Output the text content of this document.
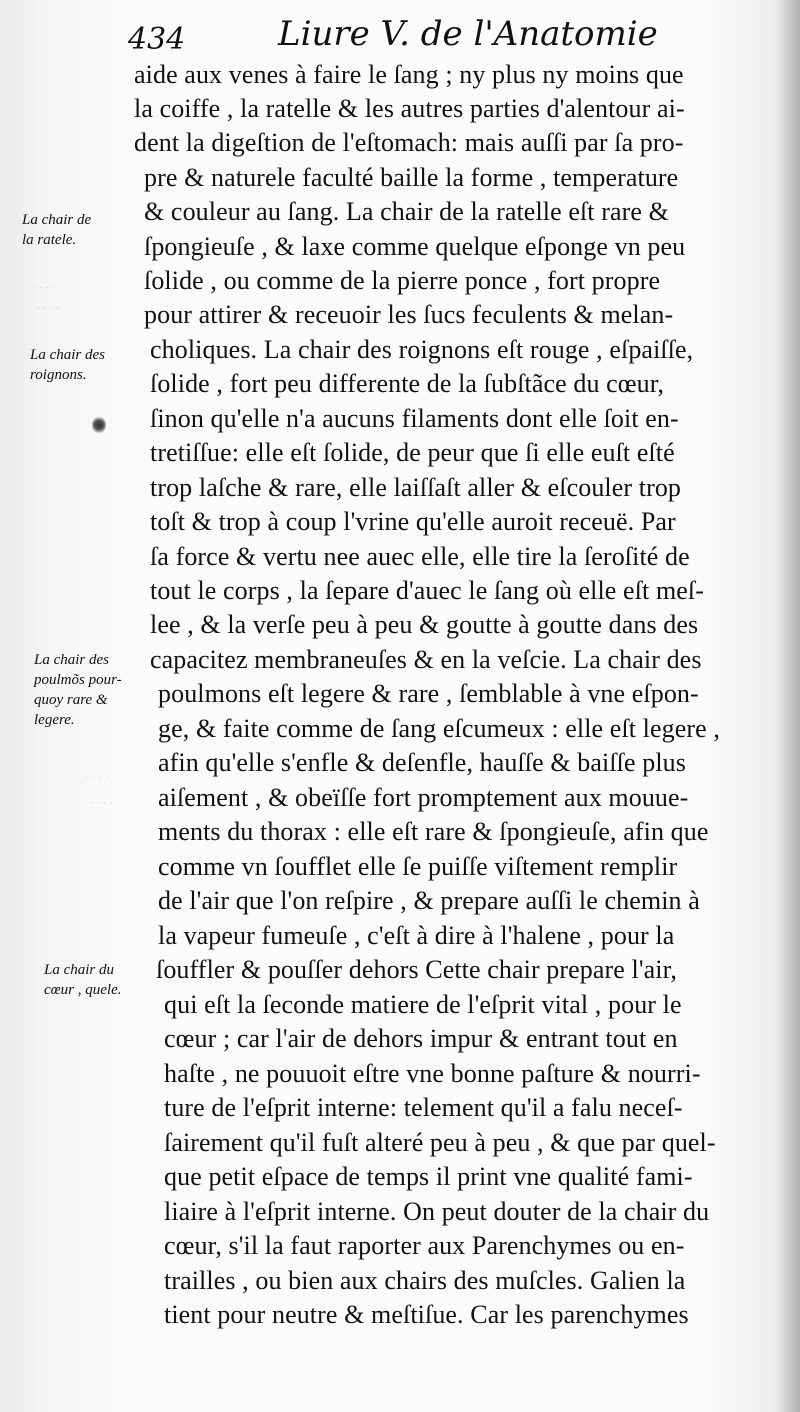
434	Liure V. de l'Anatomie
aide aux venes à faire le ſang ; ny plus ny moins que
la coiffe , la ratelle & les autres parties d'alentour ai-
dent la digeſtion de l'eſtomach: mais auſſi par ſa pro-
pre & naturele faculté baille la forme , temperature
& couleur au ſang. La chair de la ratelle eſt rare &
ſpongieuſe , & laxe comme quelque eſponge vn peu
ſolide , ou comme de la pierre ponce , fort propre
pour attirer & receuoir les ſucs feculents & melan-
choliques. La chair des roignons eſt rouge , eſpaiſſe,
ſolide , fort peu differente de la ſubſtãce du cœur,
ſinon qu'elle n'a aucuns filaments dont elle ſoit en-
tretiſſue: elle eſt ſolide, de peur que ſi elle euſt eſté
trop laſche & rare, elle laiſſaſt aller & eſcouler trop
toſt & trop à coup l'vrine qu'elle auroit receuë. Par
ſa force & vertu nee auec elle, elle tire la ſeroſité de
tout le corps , la ſepare d'auec le ſang où elle eſt meſ-
lee , & la verſe peu à peu & goutte à goutte dans des
capacitez membraneuſes & en la veſcie. La chair des
poulmons eſt legere & rare , ſemblable à vne eſpon-
ge, & faite comme de ſang eſcumeux : elle eſt legere ,
afin qu'elle s'enfle & deſenfle, hauſſe & baiſſe plus
aiſement , & obeïſſe fort promptement aux mouue-
ments du thorax : elle eſt rare & ſpongieuſe, afin que
comme vn ſoufflet elle ſe puiſſe viſtement remplir
de l'air que l'on reſpire , & prepare auſſi le chemin à
la vapeur fumeuſe , c'eſt à dire à l'halene , pour la
ſouffler & pouſſer dehors Cette chair prepare l'air,
qui eſt la ſeconde matiere de l'eſprit vital , pour le
cœur ; car l'air de dehors impur & entrant tout en
haſte , ne pouuoit eſtre vne bonne paſture & nourri-
ture de l'eſprit interne: telement qu'il a falu neceſ-
ſairement qu'il fuſt alteré peu à peu , & que par quel-
que petit eſpace de temps il print vne qualité fami-
liaire à l'eſprit interne. On peut douter de la chair du
cœur, s'il la faut raporter aux Parenchymes ou en-
trailles , ou bien aux chairs des muſcles. Galien la
tient pour neutre & meſtiſue. Car les parenchymes
La chair de
la ratele.
La chair des
roignons.
La chair des
poulmõs pour-
quoy rare &
legere.
La chair du
cœur , quele.
· · · ·
· · · ·
· · · ·
· · · ·
